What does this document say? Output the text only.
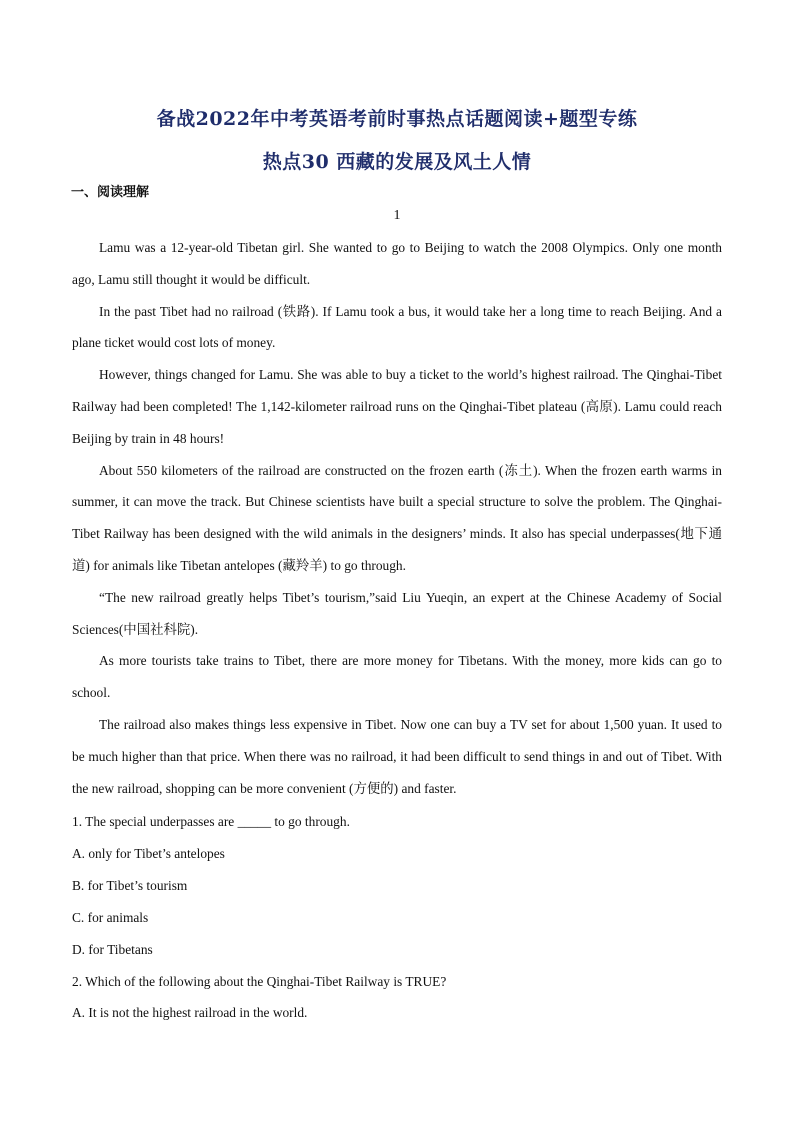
备战2022年中考英语考前时事热点话题阅读+题型专练
热点30 西藏的发展及风土人情
一、阅读理解
1

Lamu was a 12-year-old Tibetan girl. She wanted to go to Beijing to watch the 2008 Olympics. Only one month ago, Lamu still thought it would be difficult.

In the past Tibet had no railroad (铁路). If Lamu took a bus, it would take her a long time to reach Beijing. And a plane ticket would cost lots of money.

However, things changed for Lamu. She was able to buy a ticket to the world’s highest railroad. The Qinghai-Tibet Railway had been completed! The 1,142-kilometer railroad runs on the Qinghai-Tibet plateau (高原). Lamu could reach Beijing by train in 48 hours!

About 550 kilometers of the railroad are constructed on the frozen earth (冻土). When the frozen earth warms in summer, it can move the track. But Chinese scientists have built a special structure to solve the problem. The Qinghai-Tibet Railway has been designed with the wild animals in the designers’ minds. It also has special underpasses(地下通道) for animals like Tibetan antelopes (藏羚羊) to go through.

“The new railroad greatly helps Tibet’s tourism,”said Liu Yueqin, an expert at the Chinese Academy of Social Sciences(中国社科院).

As more tourists take trains to Tibet, there are more money for Tibetans. With the money, more kids can go to school.

The railroad also makes things less expensive in Tibet. Now one can buy a TV set for about 1,500 yuan. It used to be much higher than that price. When there was no railroad, it had been difficult to send things in and out of Tibet. With the new railroad, shopping can be more convenient (方便的) and faster.

1. The special underpasses are _____ to go through.
A. only for Tibet’s antelopes
B. for Tibet’s tourism
C. for animals
D. for Tibetans
2. Which of the following about the Qinghai-Tibet Railway is TRUE?
A. It is not the highest railroad in the world.
